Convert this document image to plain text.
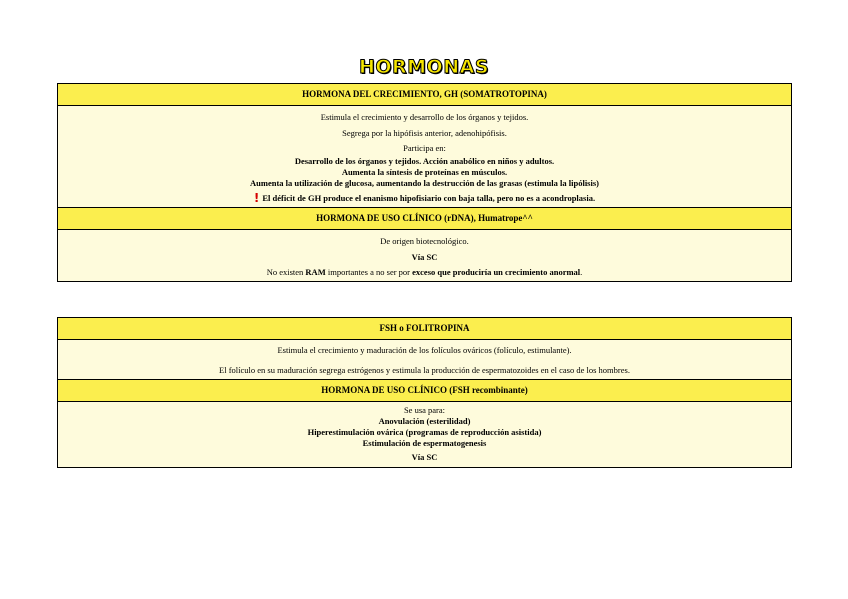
HORMONAS
HORMONA DEL CRECIMIENTO, GH (SOMATROTOPINA)
Estimula el crecimiento y desarrollo de los órganos y tejidos.
Segrega por la hipófisis anterior, adenohipófisis.
Participa en:
Desarrollo de los órganos y tejidos. Acción anabólico en niños y adultos.
Aumenta la síntesis de proteínas en músculos.
Aumenta la utilización de glucosa, aumentando la destrucción de las grasas (estimula la lipólisis)
! El déficit de GH produce el enanismo hipofisiario con baja talla, pero no es a acondroplasia.
HORMONA DE USO CLÍNICO (rDNA), Humatrope^^
De origen biotecnológico.
Vía SC
No existen RAM importantes a no ser por exceso que produciría un crecimiento anormal.
FSH o FOLITROPINA
Estimula el crecimiento y maduración de los folículos ováricos (folículo, estimulante).
El folículo en su maduración segrega estrógenos y estimula la producción de espermatozoides en el caso de los hombres.
HORMONA DE USO CLÍNICO (FSH recombinante)
Se usa para:
Anovulación (esterilidad)
Hiperestimulación ovárica (programas de reproducción asistida)
Estimulación de espermatogenesis
Vía SC
